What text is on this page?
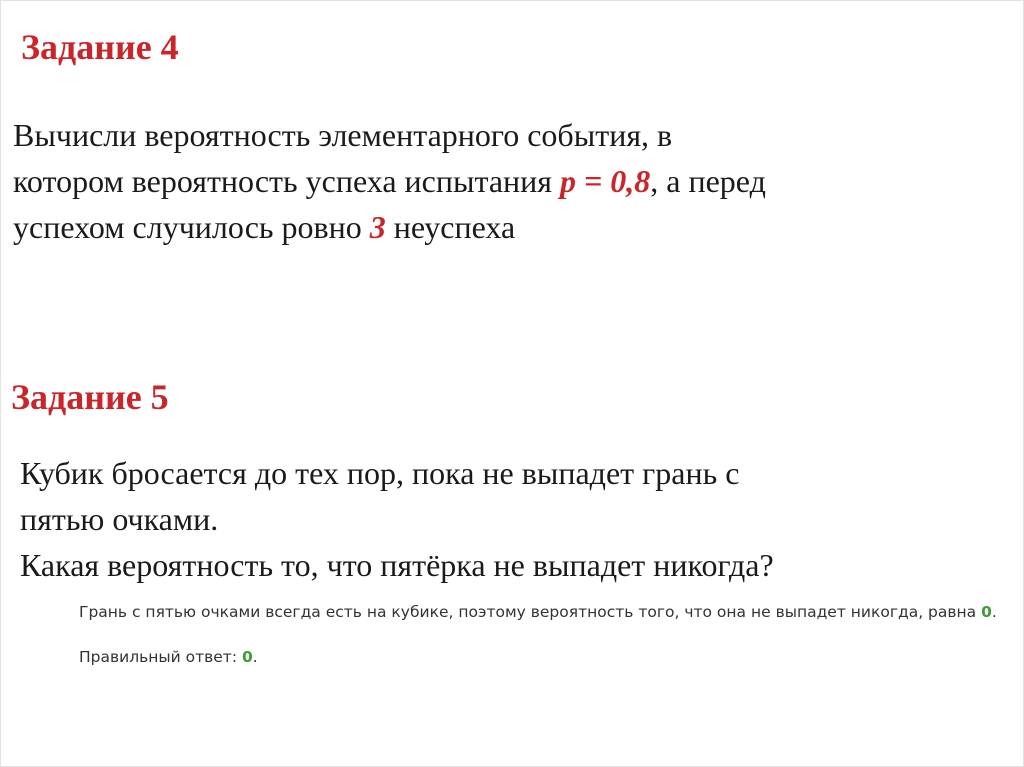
Задание 4

Вычисли вероятность элементарного события, в
котором вероятность успеха испытания p = 0,8, а перед
успехом случилось ровно 3 неуспеха

Задание 5

Кубик бросается до тех пор, пока не выпадет грань с
пятью очками.
Какая вероятность то, что пятёрка не выпадет никогда?

Грань с пятью очками всегда есть на кубике, поэтому вероятность того, что она не выпадет никогда, равна 0.

Правильный ответ: 0.
